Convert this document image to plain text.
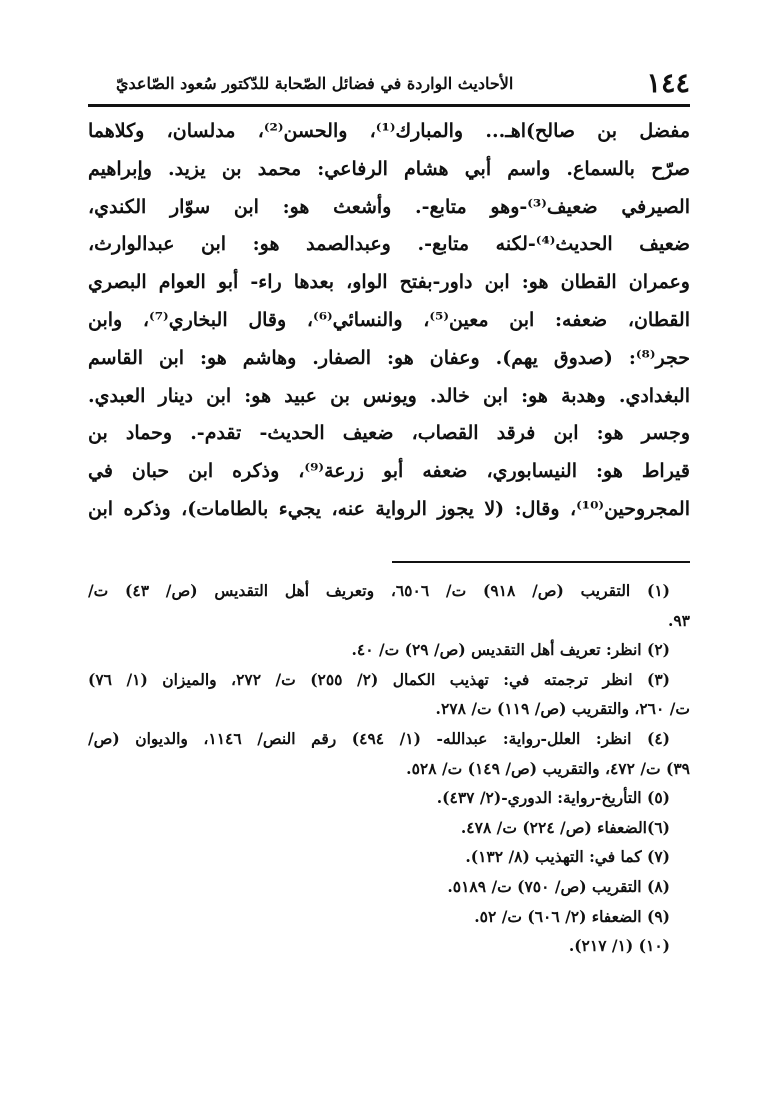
١٤٤
الأحاديث الواردة في فضائل الصّحابة للدّكتور سُعود الصّاعديّ
مفضل بن صالح)اهـ... والمبارك⁽¹⁾، والحسن⁽²⁾، مدلسان، وكلاهما
صرّح بالسماع. واسم أبي هشام الرفاعي: محمد بن يزيد. وإبراهيم
الصيرفي ضعيف⁽³⁾-وهو متابع-. وأشعث هو: ابن سوّار الكندي،
ضعيف الحديث⁽⁴⁾-لكنه متابع-. وعبدالصمد هو: ابن عبدالوارث،
وعمران القطان هو: ابن داور-بفتح الواو، بعدها راء- أبو العوام البصري
القطان، ضعفه: ابن معين⁽⁵⁾، والنسائي⁽⁶⁾، وقال البخاري⁽⁷⁾، وابن
حجر⁽⁸⁾: (صدوق يهم). وعفان هو: الصفار. وهاشم هو: ابن القاسم
البغدادي. وهدبة هو: ابن خالد. ويونس بن عبيد هو: ابن دينار العبدي.
وجسر هو: ابن فرقد القصاب، ضعيف الحديث- تقدم-. وحماد بن
قيراط هو: النيسابوري، ضعفه أبو زرعة⁽⁹⁾، وذكره ابن حبان في
المجروحين⁽¹⁰⁾، وقال: (لا يجوز الرواية عنه، يجيء بالطامات)، وذكره ابن
(١) التقريب (ص/ ٩١٨) ت/ ٦٥٠٦، وتعريف أهل التقديس (ص/ ٤٣) ت/
٩٣.
(٢) انظر: تعريف أهل التقديس (ص/ ٢٩) ت/ ٤٠.
(٣) انظر ترجمته في: تهذيب الكمال (٢/ ٢٥٥) ت/ ٢٧٢، والميزان (١/ ٧٦)
ت/ ٢٦٠، والتقريب (ص/ ١١٩) ت/ ٢٧٨.
(٤) انظر: العلل-رواية: عبدالله- (١/ ٤٩٤) رقم النص/ ١١٤٦، والديوان (ص/
٣٩) ت/ ٤٧٢، والتقريب (ص/ ١٤٩) ت/ ٥٢٨.
(٥) التأريخ-رواية: الدوري-(٢/ ٤٣٧).
(٦)الضعفاء (ص/ ٢٢٤) ت/ ٤٧٨.
(٧) كما في: التهذيب (٨/ ١٣٢).
(٨) التقريب (ص/ ٧٥٠) ت/ ٥١٨٩.
(٩) الضعفاء (٢/ ٦٠٦) ت/ ٥٢.
(١٠) (١/ ٢١٧).
